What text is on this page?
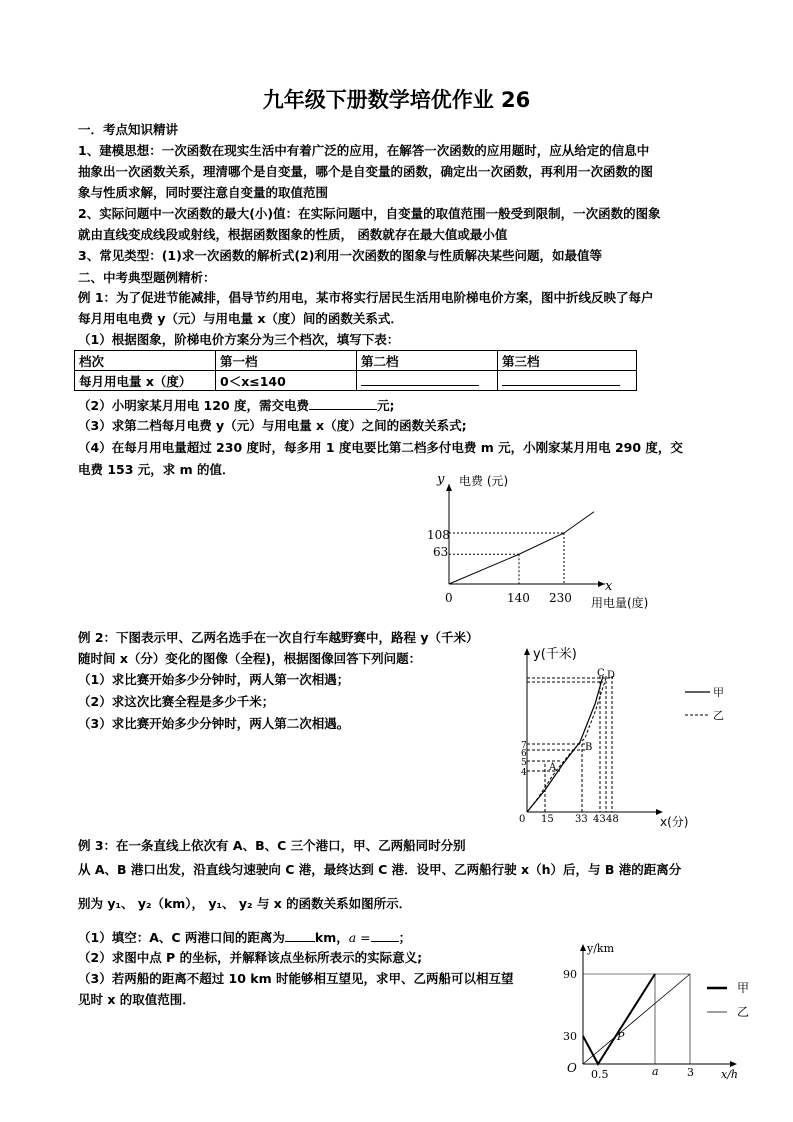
九年级下册数学培优作业 26
一．考点知识精讲
1、建模思想：一次函数在现实生活中有着广泛的应用，在解答一次函数的应用题时，应从给定的信息中
抽象出一次函数关系，理清哪个是自变量，哪个是自变量的函数，确定出一次函数，再利用一次函数的图
象与性质求解，同时要注意自变量的取值范围
2、实际问题中一次函数的最大(小)值：在实际问题中，自变量的取值范围一般受到限制，一次函数的图象
就由直线变成线段或射线，根据函数图象的性质， 函数就存在最大值或最小值
3、常见类型：(1)求一次函数的解析式(2)利用一次函数的图象与性质解决某些问题，如最值等
二、中考典型题例精析：
例 1：为了促进节能减排，倡导节约用电，某市将实行居民生活用电阶梯电价方案，图中折线反映了每户
每月用电电费 y（元）与用电量 x（度）间的函数关系式．
（1）根据图象，阶梯电价方案分为三个档次，填写下表：
档次	第一档	第二档	第三档
每月用电量 x（度）	0＜x≤140		
（2）小明家某月用电 120 度，需交电费	元;
（3）求第二档每月电费 y（元）与用电量 x（度）之间的函数关系式;
（4）在每月用电量超过 230 度时，每多用 1 度电要比第二档多付电费 m 元，小刚家某月用电 290 度，交
电费 153 元，求 m 的值．
y 电费 (元)
108
63
0	140 230
x
用电量(度)
例 2：下图表示甲、乙两名选手在一次自行车越野赛中，路程 y（千米）
随时间 x（分）变化的图像（全程)，根据图像回答下列问题：
（1）求比赛开始多少分钟时，两人第一次相遇；
（2）求这次比赛全程是多少千米；
（3）求比赛开始多少分钟时，两人第二次相遇。
y(千米)
7
6
5
4
0 15 33 43 48	x(分)
A
B
C D
甲
乙
例 3：在一条直线上依次有 A、B、C 三个港口，甲、乙两船同时分别
从 A、B 港口出发，沿直线匀速驶向 C 港，最终达到 C 港．设甲、乙两船行驶 x（h）后，与 B 港的距离分
别为 y₁、 y₂（km）， y₁、 y₂ 与 x 的函数关系如图所示．
（1）填空：A、C 两港口间的距离为 km，a = ；
（2）求图中点 P 的坐标，并解释该点坐标所表示的实际意义;
（3）若两船的距离不超过 10 km 时能够相互望见，求甲、乙两船可以相互望
见时 x 的取值范围．
90
30
y/km
O 0.5	a	3 x/h
P
甲
乙
